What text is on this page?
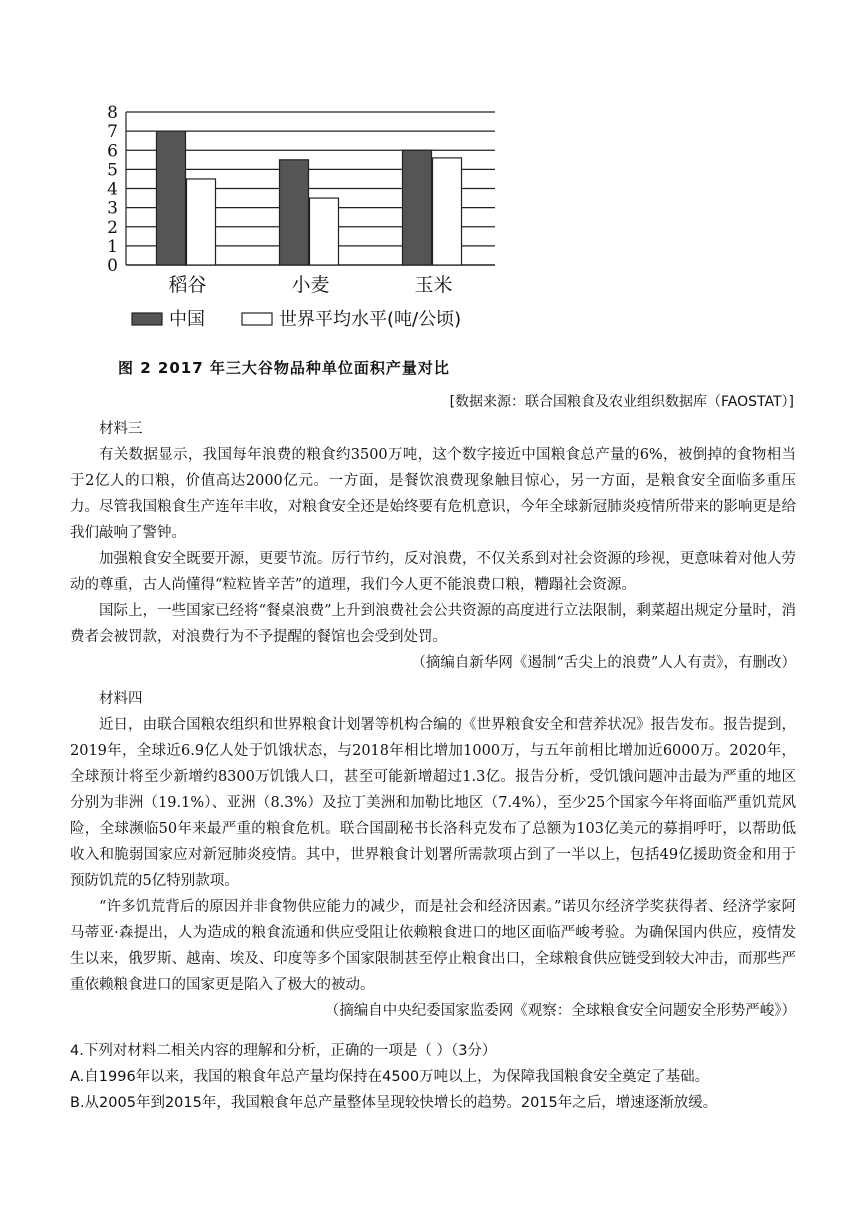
0
1
2
3
4
5
6
7
8
稻谷	小麦	玉米
中国	世界平均水平(吨/公顷)
图 2 2017 年三大谷物品种单位面积产量对比
[数据来源：联合国粮食及农业组织数据库（FAOSTAT）]

材料三

有关数据显示，我国每年浪费的粮食约3500万吨，这个数字接近中国粮食总产量的6%，被倒掉的食物相当于2亿人的口粮，价值高达2000亿元。一方面，是餐饮浪费现象触目惊心，另一方面，是粮食安全面临多重压力。尽管我国粮食生产连年丰收，对粮食安全还是始终要有危机意识，今年全球新冠肺炎疫情所带来的影响更是给我们敲响了警钟。

加强粮食安全既要开源，更要节流。厉行节约，反对浪费，不仅关系到对社会资源的珍视，更意味着对他人劳动的尊重，古人尚懂得“粒粒皆辛苦”的道理，我们今人更不能浪费口粮，糟蹋社会资源。

国际上，一些国家已经将“餐桌浪费”上升到浪费社会公共资源的高度进行立法限制，剩菜超出规定分量时，消费者会被罚款，对浪费行为不予提醒的餐馆也会受到处罚。

（摘编自新华网《遏制“舌尖上的浪费”人人有责》，有删改）

材料四

近日，由联合国粮农组织和世界粮食计划署等机构合编的《世界粮食安全和营养状况》报告发布。报告提到，2019年，全球近6.9亿人处于饥饿状态，与2018年相比增加1000万，与五年前相比增加近6000万。2020年，全球预计将至少新增约8300万饥饿人口，甚至可能新增超过1.3亿。报告分析，受饥饿问题冲击最为严重的地区分别为非洲（19.1%）、亚洲（8.3%）及拉丁美洲和加勒比地区（7.4%），至少25个国家今年将面临严重饥荒风险，全球濒临50年来最严重的粮食危机。联合国副秘书长洛科克发布了总额为103亿美元的募捐呼吁，以帮助低收入和脆弱国家应对新冠肺炎疫情。其中，世界粮食计划署所需款项占到了一半以上，包括49亿援助资金和用于预防饥荒的5亿特别款项。

“许多饥荒背后的原因并非食物供应能力的减少，而是社会和经济因素。”诺贝尔经济学奖获得者、经济学家阿马蒂亚·森提出，人为造成的粮食流通和供应受阻让依赖粮食进口的地区面临严峻考验。为确保国内供应，疫情发生以来，俄罗斯、越南、埃及、印度等多个国家限制甚至停止粮食出口，全球粮食供应链受到较大冲击，而那些严重依赖粮食进口的国家更是陷入了极大的被动。

（摘编自中央纪委国家监委网《观察：全球粮食安全问题安全形势严峻》）

4.下列对材料二相关内容的理解和分析，正确的一项是（ ）（3分）
A.自1996年以来，我国的粮食年总产量均保持在4500万吨以上，为保障我国粮食安全奠定了基础。
B.从2005年到2015年，我国粮食年总产量整体呈现较快增长的趋势。2015年之后，增速逐渐放缓。
